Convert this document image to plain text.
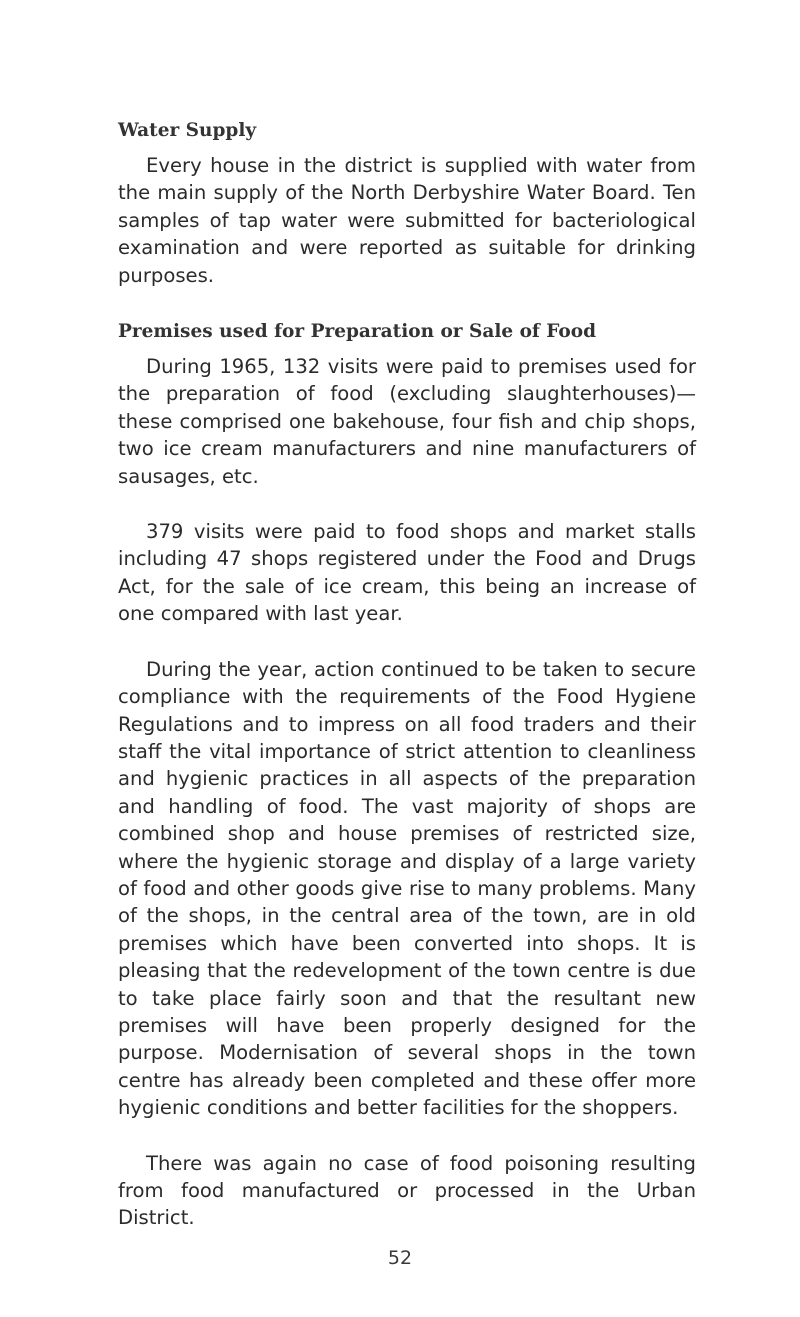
Water Supply

Every house in the district is supplied with water from the main supply of the North Derbyshire Water Board. Ten samples of tap water were submitted for bacteriological examination and were reported as suitable for drinking purposes.

Premises used for Preparation or Sale of Food

During 1965, 132 visits were paid to premises used for the preparation of food (excluding slaughterhouses)— these comprised one bakehouse, four fish and chip shops, two ice cream manufacturers and nine manufacturers of sausages, etc.

379 visits were paid to food shops and market stalls including 47 shops registered under the Food and Drugs Act, for the sale of ice cream, this being an increase of one compared with last year.

During the year, action continued to be taken to secure compliance with the requirements of the Food Hygiene Regulations and to impress on all food traders and their staff the vital importance of strict attention to cleanliness and hygienic practices in all aspects of the preparation and handling of food. The vast majority of shops are combined shop and house premises of restricted size, where the hygienic storage and display of a large variety of food and other goods give rise to many problems. Many of the shops, in the central area of the town, are in old premises which have been converted into shops. It is pleasing that the redevelopment of the town centre is due to take place fairly soon and that the resultant new premises will have been properly designed for the purpose. Modernisation of several shops in the town centre has already been completed and these offer more hygienic conditions and better facilities for the shoppers.

There was again no case of food poisoning resulting from food manufactured or processed in the Urban District.

52
